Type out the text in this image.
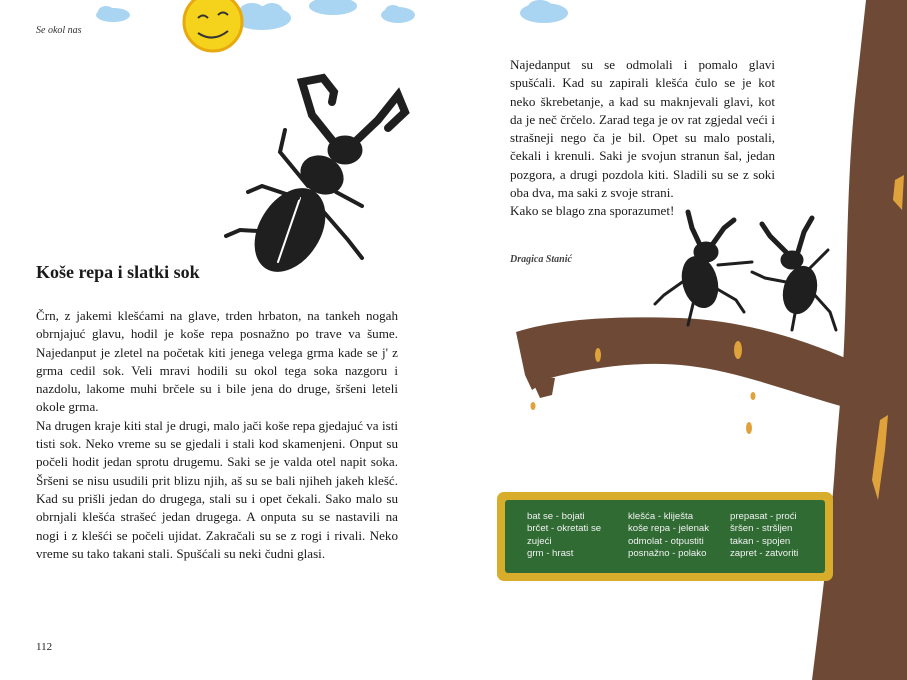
Se okol nas
Koše repa i slatki sok

Črn, z jakemi klešćami na glave, trden hrbaton, na tankeh nogah obrnjajuć glavu, hodil je koše repa posnažno po trave va šume. Najedanput je zletel na početak kiti jenega velega grma kade se j' z grma cedil sok. Veli mravi hodili su okol tega soka nazgoru i nazdolu, lakome muhi brčele su i bile jena do druge, šršeni leteli okole grma.

Na drugen kraje kiti stal je drugi, malo jači koše repa gjedajuć va isti tisti sok. Neko vreme su se gjedali i stali kod skamenjeni. Onput su počeli hodit jedan sprotu drugemu. Saki se je valda otel napit soka. Šršeni se nisu usudili prit blizu njih, aš su se bali njiheh jakeh klešć. Kad su prišli jedan do drugega, stali su i opet čekali. Sako malo su obrnjali klešća strašeć jedan drugega. A onputa su se nastavili na nogi i z klešći se počeli ujidat. Zakračali su se z rogi i rivali. Neko vreme su tako takani stali. Spušćali su neki čudni glasi.

Najedanput su se odmolali i pomalo glavi spušćali. Kad su zapirali klešća čulo se je kot neko škrebetanje, a kad su maknjevali glavi, kot da je neč črčelo. Zarad tega je ov rat zgjedal veći i strašneji nego ča je bil. Opet su malo postali, čekali i krenuli. Saki je svojun stranun šal, jedan pozgora, a drugi pozdola kiti. Sladili su se z soki oba dva, ma saki z svoje strani.

Kako se blago zna sporazumet!

Dragica Stanić
bat se - bojati
brčet - okretati se zujeći
grm - hrast
klešća - kliješta
koše repa - jelenak
odmolat - otpustiti
posnažno - polako
prepasat - proći
šršen - stršljen
takan - spojen
zapret - zatvoriti
112
